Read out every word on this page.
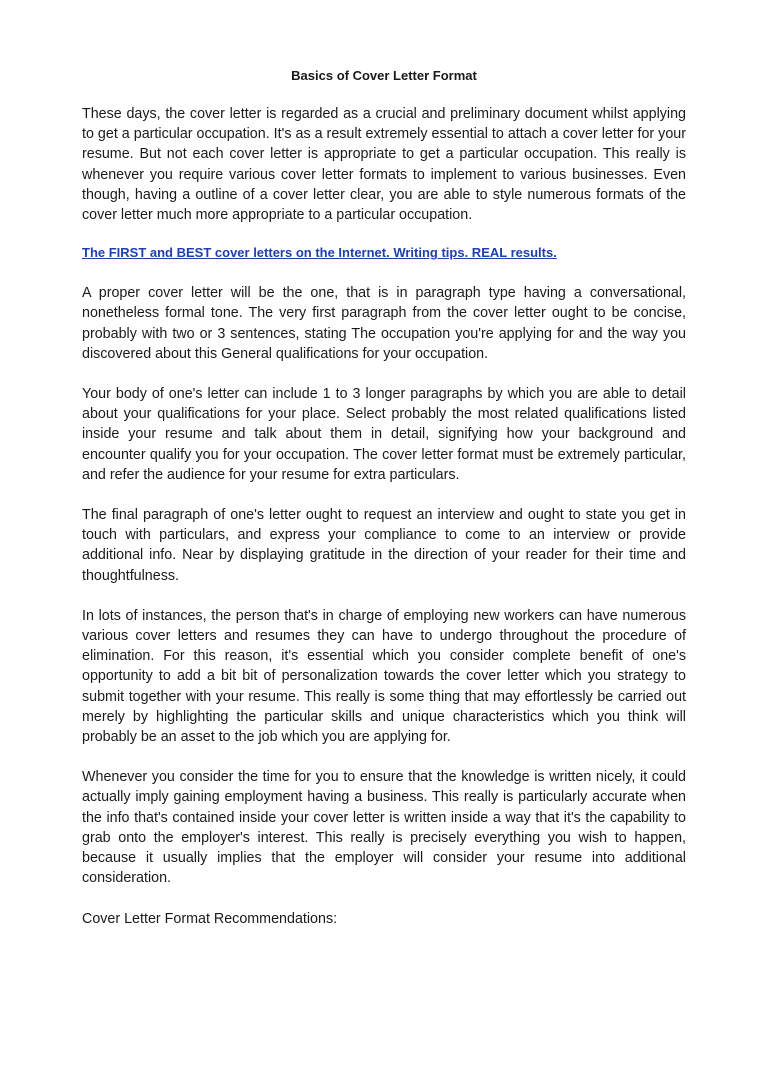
Basics of Cover Letter Format

These days, the cover letter is regarded as a crucial and preliminary document whilst applying to get a particular occupation. It's as a result extremely essential to attach a cover letter for your resume. But not each cover letter is appropriate to get a particular occupation. This really is whenever you require various cover letter formats to implement to various businesses. Even though, having a outline of a cover letter clear, you are able to style numerous formats of the cover letter much more appropriate to a particular occupation.

The FIRST and BEST cover letters on the Internet. Writing tips. REAL results.

A proper cover letter will be the one, that is in paragraph type having a conversational, nonetheless formal tone. The very first paragraph from the cover letter ought to be concise, probably with two or 3 sentences, stating The occupation you're applying for and the way you discovered about this General qualifications for your occupation.

Your body of one's letter can include 1 to 3 longer paragraphs by which you are able to detail about your qualifications for your place. Select probably the most related qualifications listed inside your resume and talk about them in detail, signifying how your background and encounter qualify you for your occupation. The cover letter format must be extremely particular, and refer the audience for your resume for extra particulars.

The final paragraph of one's letter ought to request an interview and ought to state you get in touch with particulars, and express your compliance to come to an interview or provide additional info. Near by displaying gratitude in the direction of your reader for their time and thoughtfulness.

In lots of instances, the person that's in charge of employing new workers can have numerous various cover letters and resumes they can have to undergo throughout the procedure of elimination. For this reason, it's essential which you consider complete benefit of one's opportunity to add a bit bit of personalization towards the cover letter which you strategy to submit together with your resume. This really is some thing that may effortlessly be carried out merely by highlighting the particular skills and unique characteristics which you think will probably be an asset to the job which you are applying for.

Whenever you consider the time for you to ensure that the knowledge is written nicely, it could actually imply gaining employment having a business. This really is particularly accurate when the info that's contained inside your cover letter is written inside a way that it's the capability to grab onto the employer's interest. This really is precisely everything you wish to happen, because it usually implies that the employer will consider your resume into additional consideration.

Cover Letter Format Recommendations:
